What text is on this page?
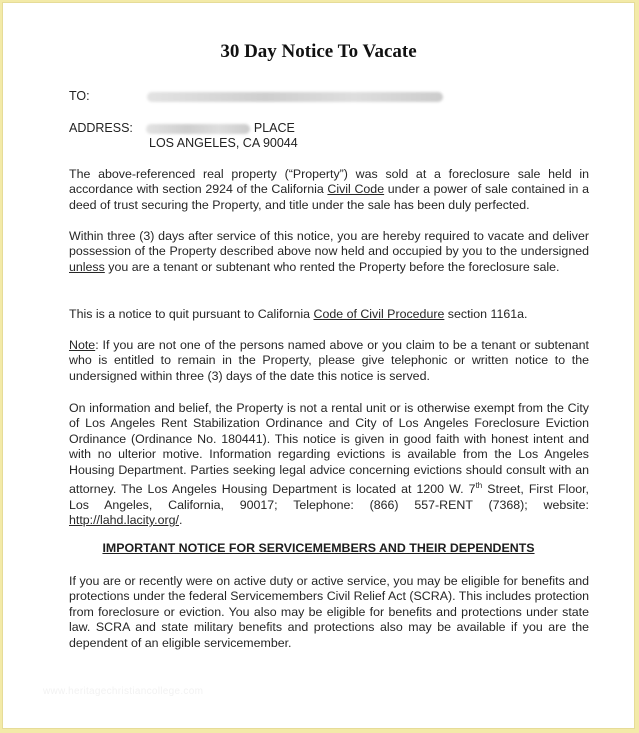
30 Day Notice To Vacate
TO:
ADDRESS:	PLACE
LOS ANGELES, CA 90044

The above-referenced real property (“Property”) was sold at a foreclosure sale held in accordance with section 2924 of the California Civil Code under a power of sale contained in a deed of trust securing the Property, and title under the sale has been duly perfected.

Within three (3) days after service of this notice, you are hereby required to vacate and deliver possession of the Property described above now held and occupied by you to the undersigned unless you are a tenant or subtenant who rented the Property before the foreclosure sale.

This is a notice to quit pursuant to California Code of Civil Procedure section 1161a.

Note: If you are not one of the persons named above or you claim to be a tenant or subtenant who is entitled to remain in the Property, please give telephonic or written notice to the undersigned within three (3) days of the date this notice is served.

On information and belief, the Property is not a rental unit or is otherwise exempt from the City of Los Angeles Rent Stabilization Ordinance and City of Los Angeles Foreclosure Eviction Ordinance (Ordinance No. 180441). This notice is given in good faith with honest intent and with no ulterior motive. Information regarding evictions is available from the Los Angeles Housing Department. Parties seeking legal advice concerning evictions should consult with an attorney. The Los Angeles Housing Department is located at 1200 W. 7th Street, First Floor, Los Angeles, California, 90017; Telephone: (866) 557-RENT (7368); website: http://lahd.lacity.org/.

IMPORTANT NOTICE FOR SERVICEMEMBERS AND THEIR DEPENDENTS

If you are or recently were on active duty or active service, you may be eligible for benefits and protections under the federal Servicemembers Civil Relief Act (SCRA). This includes protection from foreclosure or eviction. You also may be eligible for benefits and protections under state law. SCRA and state military benefits and protections also may be available if you are the dependent of an eligible servicemember.

www.heritagechristiancollege.com
